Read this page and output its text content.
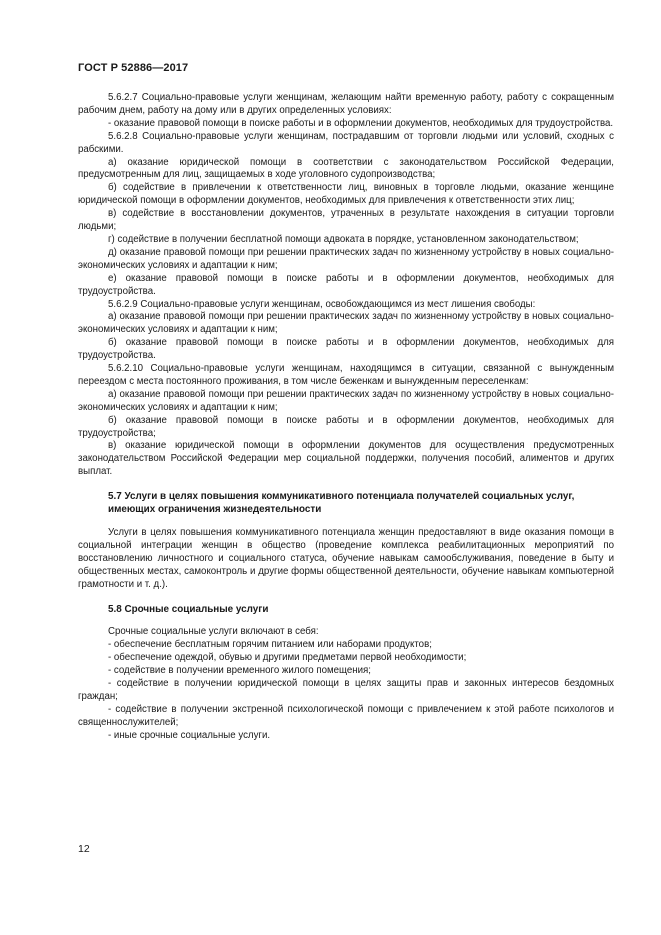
ГОСТ Р 52886—2017

5.6.2.7 Социально-правовые услуги женщинам, желающим найти временную работу, работу с сокращенным рабочим днем, работу на дому или в других определенных условиях:

- оказание правовой помощи в поиске работы и в оформлении документов, необходимых для трудоустройства.

5.6.2.8 Социально-правовые услуги женщинам, пострадавшим от торговли людьми или условий, сходных с рабскими.

а) оказание юридической помощи в соответствии с законодательством Российской Федерации, предусмотренным для лиц, защищаемых в ходе уголовного судопроизводства;

б) содействие в привлечении к ответственности лиц, виновных в торговле людьми, оказание женщине юридической помощи в оформлении документов, необходимых для привлечения к ответственности этих лиц;

в) содействие в восстановлении документов, утраченных в результате нахождения в ситуации торговли людьми;

г) содействие в получении бесплатной помощи адвоката в порядке, установленном законодательством;

д) оказание правовой помощи при решении практических задач по жизненному устройству в новых социально-экономических условиях и адаптации к ним;

е) оказание правовой помощи в поиске работы и в оформлении документов, необходимых для трудоустройства.

5.6.2.9 Социально-правовые услуги женщинам, освобождающимся из мест лишения свободы:

а) оказание правовой помощи при решении практических задач по жизненному устройству в новых социально-экономических условиях и адаптации к ним;

б) оказание правовой помощи в поиске работы и в оформлении документов, необходимых для трудоустройства.

5.6.2.10 Социально-правовые услуги женщинам, находящимся в ситуации, связанной с вынужденным переездом с места постоянного проживания, в том числе беженкам и вынужденным переселенкам:

а) оказание правовой помощи при решении практических задач по жизненному устройству в новых социально-экономических условиях и адаптации к ним;

б) оказание правовой помощи в поиске работы и в оформлении документов, необходимых для трудоустройства;

в) оказание юридической помощи в оформлении документов для осуществления предусмотренных законодательством Российской Федерации мер социальной поддержки, получения пособий, алиментов и других выплат.

5.7 Услуги в целях повышения коммуникативного потенциала получателей социальных услуг, имеющих ограничения жизнедеятельности

Услуги в целях повышения коммуникативного потенциала женщин предоставляют в виде оказания помощи в социальной интеграции женщин в общество (проведение комплекса реабилитационных мероприятий по восстановлению личностного и социального статуса, обучение навыкам самообслуживания, поведение в быту и общественных местах, самоконтроль и другие формы общественной деятельности, обучение навыкам компьютерной грамотности и т. д.).

5.8 Срочные социальные услуги

Срочные социальные услуги включают в себя:

- обеспечение бесплатным горячим питанием или наборами продуктов;

- обеспечение одеждой, обувью и другими предметами первой необходимости;

- содействие в получении временного жилого помещения;

- содействие в получении юридической помощи в целях защиты прав и законных интересов бездомных граждан;

- содействие в получении экстренной психологической помощи с привлечением к этой работе психологов и священнослужителей;

- иные срочные социальные услуги.

12
